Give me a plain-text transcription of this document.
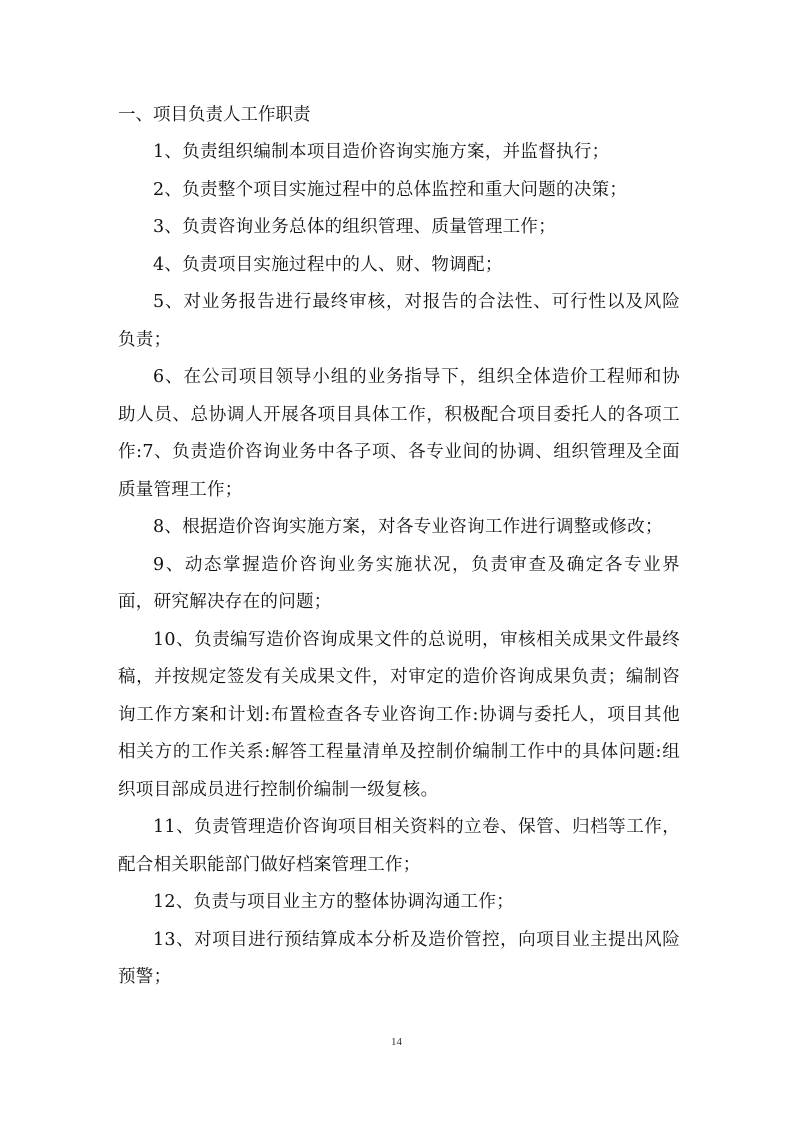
一、项目负责人工作职责

1、负责组织编制本项目造价咨询实施方案，并监督执行；

2、负责整个项目实施过程中的总体监控和重大问题的决策；

3、负责咨询业务总体的组织管理、质量管理工作；

4、负责项目实施过程中的人、财、物调配；

5、对业务报告进行最终审核，对报告的合法性、可行性以及风险负责；

6、在公司项目领导小组的业务指导下，组织全体造价工程师和协助人员、总协调人开展各项目具体工作，积极配合项目委托人的各项工作:7、负责造价咨询业务中各子项、各专业间的协调、组织管理及全面质量管理工作；

8、根据造价咨询实施方案，对各专业咨询工作进行调整或修改；

9、动态掌握造价咨询业务实施状况，负责审查及确定各专业界面，研究解决存在的问题；

10、负责编写造价咨询成果文件的总说明，审核相关成果文件最终稿，并按规定签发有关成果文件，对审定的造价咨询成果负责；编制咨询工作方案和计划:布置检查各专业咨询工作:协调与委托人，项目其他相关方的工作关系:解答工程量清单及控制价编制工作中的具体问题:组织项目部成员进行控制价编制一级复核。

11、负责管理造价咨询项目相关资料的立卷、保管、归档等工作，配合相关职能部门做好档案管理工作；

12、负责与项目业主方的整体协调沟通工作；

13、对项目进行预结算成本分析及造价管控，向项目业主提出风险预警；

14
